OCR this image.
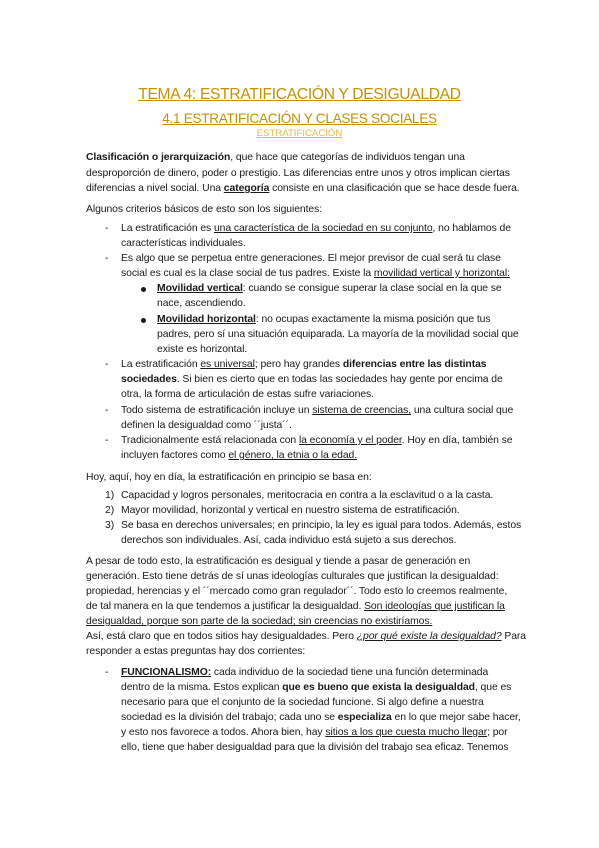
TEMA 4: ESTRATIFICACIÓN Y DESIGUALDAD
4.1 ESTRATIFICACIÓN Y CLASES SOCIALES
ESTRATIFICACIÓN
Clasificación o jerarquización, que hace que categorías de individuos tengan una
desproporción de dinero, poder o prestigio. Las diferencias entre unos y otros implican ciertas
diferencias a nivel social. Una categoría consiste en una clasificación que se hace desde fuera.
Algunos criterios básicos de esto son los siguientes:
- La estratificación es una característica de la sociedad en su conjunto, no hablamos de
características individuales.
- Es algo que se perpetua entre generaciones. El mejor previsor de cual será tu clase
social es cual es la clase social de tus padres. Existe la movilidad vertical y horizontal:
Movilidad vertical: cuando se consigue superar la clase social en la que se
nace, ascendiendo.
Movilidad horizontal: no ocupas exactamente la misma posición que tus
padres, pero sí una situación equiparada. La mayoría de la movilidad social que
existe es horizontal.
- La estratificación es universal; pero hay grandes diferencias entre las distintas
sociedades. Si bien es cierto que en todas las sociedades hay gente por encima de
otra, la forma de articulación de estas sufre variaciones.
- Todo sistema de estratificación incluye un sistema de creencias, una cultura social que
definen la desigualdad como ´´justa´´.
- Tradicionalmente está relacionada con la economía y el poder. Hoy en día, también se
incluyen factores como el género, la etnia o la edad.
Hoy, aquí, hoy en día, la estratificación en principio se basa en:
1) Capacidad y logros personales, meritocracia en contra a la esclavitud o a la casta.
2) Mayor movilidad, horizontal y vertical en nuestro sistema de estratificación.
3) Se basa en derechos universales; en principio, la ley es igual para todos. Además, estos
derechos son individuales. Así, cada individuo está sujeto a sus derechos.
A pesar de todo esto, la estratificación es desigual y tiende a pasar de generación en
generación. Esto tiene detrás de sí unas ideologías culturales que justifican la desigualdad:
propiedad, herencias y el ´´mercado como gran regulador´´. Todo esto lo creemos realmente,
de tal manera en la que tendemos a justificar la desigualdad. Son ideologías que justifican la
desigualdad, porque son parte de la sociedad; sin creencias no existiríamos.
Así, está claro que en todos sitios hay desigualdades. Pero ¿por qué existe la desigualdad? Para
responder a estas preguntas hay dos corrientes:
- FUNCIONALISMO: cada individuo de la sociedad tiene una función determinada
dentro de la misma. Estos explican que es bueno que exista la desigualdad, que es
necesario para que el conjunto de la sociedad funcione. Si algo define a nuestra
sociedad es la división del trabajo; cada uno se especializa en lo que mejor sabe hacer,
y esto nos favorece a todos. Ahora bien, hay sitios a los que cuesta mucho llegar; por
ello, tiene que haber desigualdad para que la división del trabajo sea eficaz. Tenemos
